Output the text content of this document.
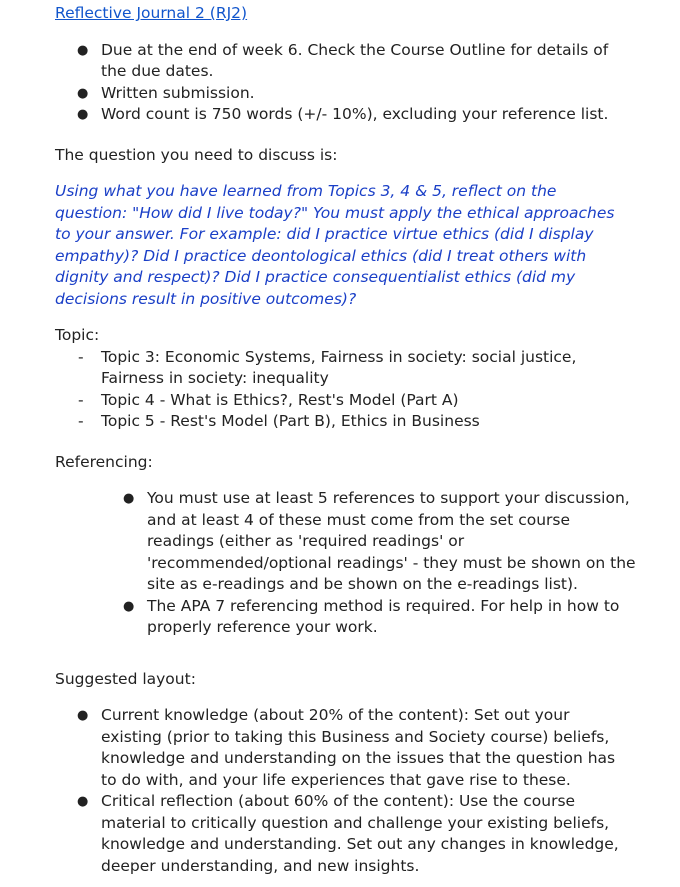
Reflective Journal 2 (RJ2)
● Due at the end of week 6. Check the Course Outline for details of the due dates.
● Written submission.
● Word count is 750 words (+/- 10%), excluding your reference list.

The question you need to discuss is:

Using what you have learned from Topics 3, 4 & 5, reflect on the question: "How did I live today?" You must apply the ethical approaches to your answer. For example: did I practice virtue ethics (did I display empathy)? Did I practice deontological ethics (did I treat others with dignity and respect)? Did I practice consequentialist ethics (did my decisions result in positive outcomes)?

Topic:

- Topic 3: Economic Systems, Fairness in society: social justice, Fairness in society: inequality
- Topic 4 - What is Ethics?, Rest's Model (Part A)
- Topic 5 - Rest's Model (Part B), Ethics in Business

Referencing:

● You must use at least 5 references to support your discussion, and at least 4 of these must come from the set course readings (either as 'required readings' or 'recommended/optional readings' - they must be shown on the site as e-readings and be shown on the e-readings list).
● The APA 7 referencing method is required. For help in how to properly reference your work.

Suggested layout:

● Current knowledge (about 20% of the content): Set out your existing (prior to taking this Business and Society course) beliefs, knowledge and understanding on the issues that the question has to do with, and your life experiences that gave rise to these.
● Critical reflection (about 60% of the content): Use the course material to critically question and challenge your existing beliefs, knowledge and understanding. Set out any changes in knowledge, deeper understanding, and new insights.
